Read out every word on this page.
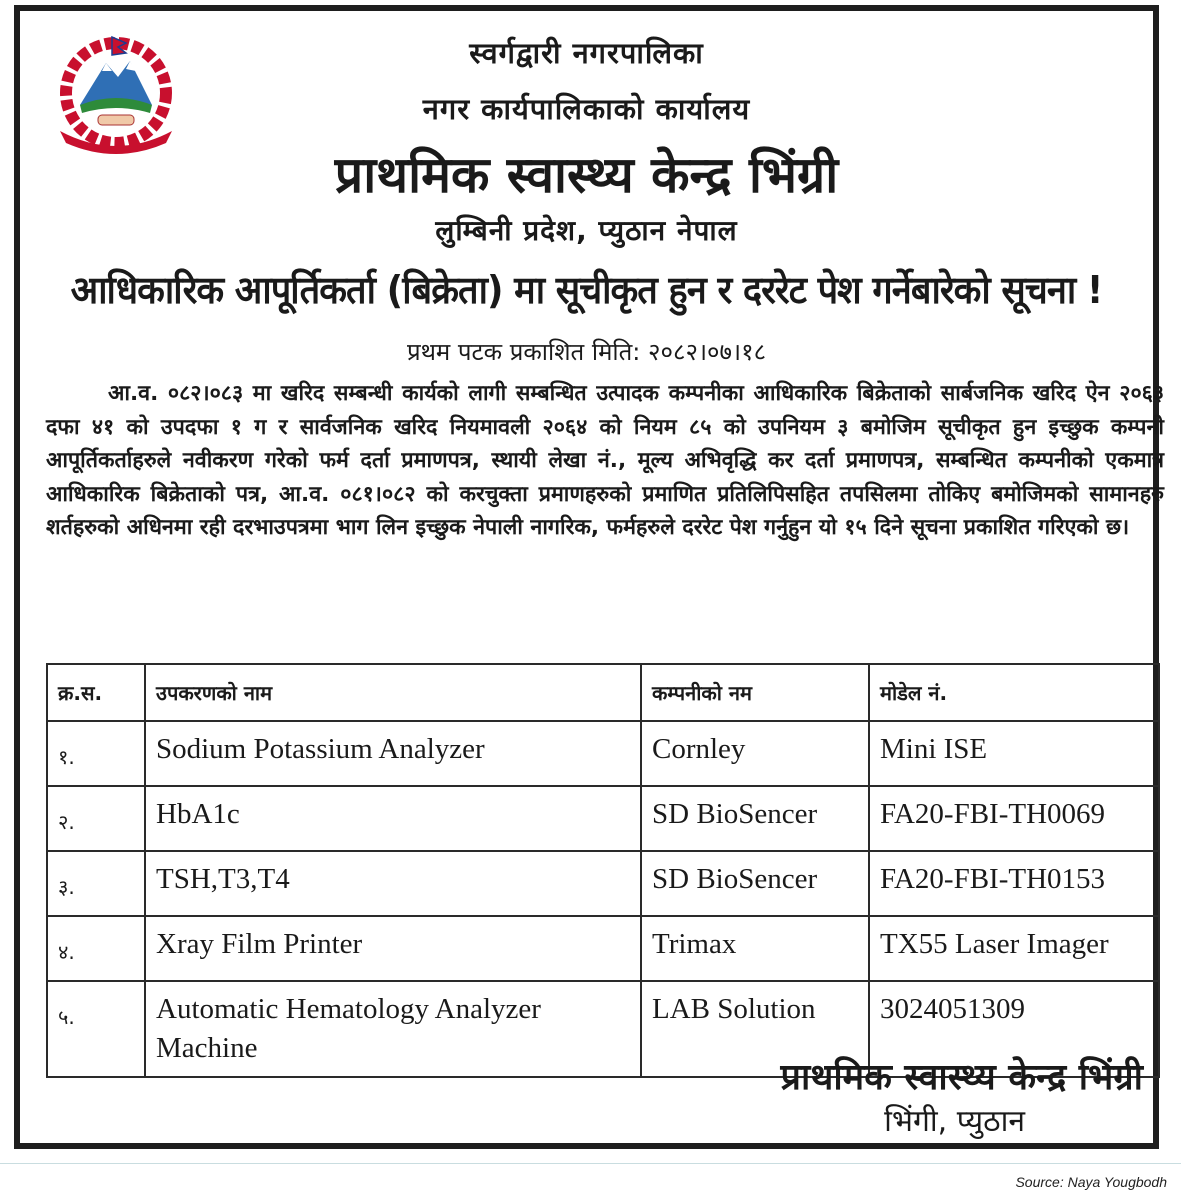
स्वर्गद्वारी नगरपालिका
नगर कार्यपालिकाको कार्यालय
प्राथमिक स्वास्थ्य केन्द्र भिंग्री
लुम्बिनी प्रदेश, प्युठान नेपाल
आधिकारिक आपूर्तिकर्ता (बिक्रेता) मा सूचीकृत हुन र दररेट पेश गर्नेबारेको सूचना !
प्रथम पटक प्रकाशित मिति: २०८२।०७।१८
आ.व. ०८२।०८३ मा खरिद सम्बन्धी कार्यको लागी सम्बन्धित उत्पादक कम्पनीका आधिकारिक बिक्रेताको सार्बजनिक खरिद ऐन २०६३ दफा ४१ को उपदफा १ ग र सार्वजनिक खरिद नियमावली २०६४ को नियम ८५ को उपनियम ३ बमोजिम सूचीकृत हुन इच्छुक कम्पनी आपूर्तिकर्ताहरुले नवीकरण गरेको फर्म दर्ता प्रमाणपत्र, स्थायी लेखा नं., मूल्य अभिवृद्धि कर दर्ता प्रमाणपत्र, सम्बन्धित कम्पनीको एकमात्र आधिकारिक बिक्रेताको पत्र, आ.व. ०८१।०८२ को करचुक्ता प्रमाणहरुको प्रमाणित प्रतिलिपिसहित तपसिलमा तोकिए बमोजिमको सामानहरु शर्तहरुको अधिनमा रही दरभाउपत्रमा भाग लिन इच्छुक नेपाली नागरिक, फर्महरुले दररेट पेश गर्नुहुन यो १५ दिने सूचना प्रकाशित गरिएको छ।
क्र.स.	उपकरणको नाम	कम्पनीको नम	मोडेल नं.
१.	Sodium Potassium Analyzer	Cornley	Mini ISE
२.	HbA1c	SD BioSencer	FA20-FBI-TH0069
३.	TSH,T3,T4	SD BioSencer	FA20-FBI-TH0153
४.	Xray Film Printer	Trimax	TX55 Laser Imager
५.	Automatic Hematology Analyzer Machine	LAB Solution	3024051309
प्राथमिक स्वास्थ्य केन्द्र भिंग्री
भिंगी, प्युठान
Source: Naya Yougbodh
